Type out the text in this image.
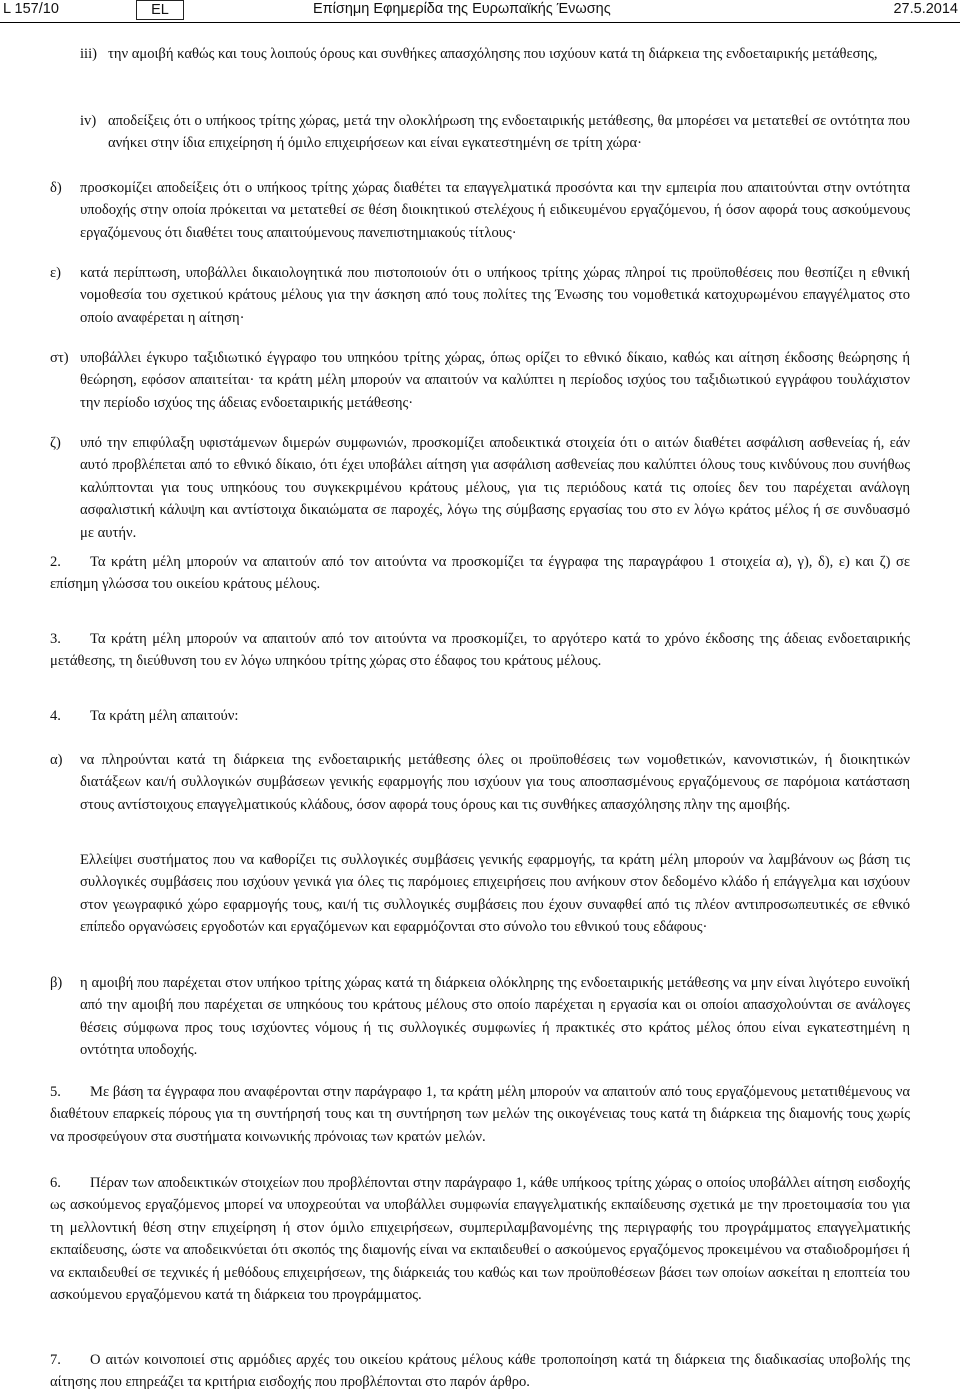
L 157/10	EL	Επίσημη Εφημερίδα της Ευρωπαϊκής Ένωσης	27.5.2014
iii) την αμοιβή καθώς και τους λοιπούς όρους και συνθήκες απασχόλησης που ισχύουν κατά τη διάρκεια της ενδοεταιρικής μετάθεσης,
iv) αποδείξεις ότι ο υπήκοος τρίτης χώρας, μετά την ολοκλήρωση της ενδοεταιρικής μετάθεσης, θα μπορέσει να μετατεθεί σε οντότητα που ανήκει στην ίδια επιχείρηση ή όμιλο επιχειρήσεων και είναι εγκατεστημένη σε τρίτη χώρα·
δ)	προσκομίζει αποδείξεις ότι ο υπήκοος τρίτης χώρας διαθέτει τα επαγγελματικά προσόντα και την εμπειρία που απαιτούνται στην οντότητα υποδοχής στην οποία πρόκειται να μετατεθεί σε θέση διοικητικού στελέχους ή ειδικευμένου εργαζόμενου, ή όσον αφορά τους ασκούμενους εργαζόμενους ότι διαθέτει τους απαιτούμενους πανεπιστημιακούς τίτλους·
ε)	κατά περίπτωση, υποβάλλει δικαιολογητικά που πιστοποιούν ότι ο υπήκοος τρίτης χώρας πληροί τις προϋποθέσεις που θεσπίζει η εθνική νομοθεσία του σχετικού κράτους μέλους για την άσκηση από τους πολίτες της Ένωσης του νομοθετικά κατοχυρωμένου επαγγέλματος στο οποίο αναφέρεται η αίτηση·
στ) υποβάλλει έγκυρο ταξιδιωτικό έγγραφο του υπηκόου τρίτης χώρας, όπως ορίζει το εθνικό δίκαιο, καθώς και αίτηση έκδοσης θεώρησης ή θεώρηση, εφόσον απαιτείται· τα κράτη μέλη μπορούν να απαιτούν να καλύπτει η περίοδος ισχύος του ταξιδιωτικού εγγράφου τουλάχιστον την περίοδο ισχύος της άδειας ενδοεταιρικής μετάθεσης·
ζ)	υπό την επιφύλαξη υφιστάμενων διμερών συμφωνιών, προσκομίζει αποδεικτικά στοιχεία ότι ο αιτών διαθέτει ασφάλιση ασθενείας ή, εάν αυτό προβλέπεται από το εθνικό δίκαιο, ότι έχει υποβάλει αίτηση για ασφάλιση ασθενείας που καλύπτει όλους τους κινδύνους που συνήθως καλύπτονται για τους υπηκόους του συγκεκριμένου κράτους μέλους, για τις περιόδους κατά τις οποίες δεν του παρέχεται ανάλογη ασφαλιστική κάλυψη και αντίστοιχα δικαιώματα σε παροχές, λόγω της σύμβασης εργασίας του στο εν λόγω κράτος μέλος ή σε συνδυασμό με αυτήν.
2. Τα κράτη μέλη μπορούν να απαιτούν από τον αιτούντα να προσκομίζει τα έγγραφα της παραγράφου 1 στοιχεία α), γ), δ), ε) και ζ) σε επίσημη γλώσσα του οικείου κράτους μέλους.
3. Τα κράτη μέλη μπορούν να απαιτούν από τον αιτούντα να προσκομίζει, το αργότερο κατά το χρόνο έκδοσης της άδειας ενδοεταιρικής μετάθεσης, τη διεύθυνση του εν λόγω υπηκόου τρίτης χώρας στο έδαφος του κράτους μέλους.
4. Τα κράτη μέλη απαιτούν:
α)	να πληρούνται κατά τη διάρκεια της ενδοεταιρικής μετάθεσης όλες οι προϋποθέσεις των νομοθετικών, κανονιστικών, ή διοικητικών διατάξεων και/ή συλλογικών συμβάσεων γενικής εφαρμογής που ισχύουν για τους αποσπασμένους εργαζόμενους σε παρόμοια κατάσταση στους αντίστοιχους επαγγελματικούς κλάδους, όσον αφορά τους όρους και τις συνθήκες απασχόλησης πλην της αμοιβής.
Ελλείψει συστήματος που να καθορίζει τις συλλογικές συμβάσεις γενικής εφαρμογής, τα κράτη μέλη μπορούν να λαμβάνουν ως βάση τις συλλογικές συμβάσεις που ισχύουν γενικά για όλες τις παρόμοιες επιχειρήσεις που ανήκουν στον δεδομένο κλάδο ή επάγγελμα και ισχύουν στον γεωγραφικό χώρο εφαρμογής τους, και/ή τις συλλογικές συμβάσεις που έχουν συναφθεί από τις πλέον αντιπροσωπευτικές σε εθνικό επίπεδο οργανώσεις εργοδοτών και εργαζόμενων και εφαρμόζονται στο σύνολο του εθνικού τους εδάφους·
β)	η αμοιβή που παρέχεται στον υπήκοο τρίτης χώρας κατά τη διάρκεια ολόκληρης της ενδοεταιρικής μετάθεσης να μην είναι λιγότερο ευνοϊκή από την αμοιβή που παρέχεται σε υπηκόους του κράτους μέλους στο οποίο παρέχεται η εργασία και οι οποίοι απασχολούνται σε ανάλογες θέσεις σύμφωνα προς τους ισχύοντες νόμους ή τις συλλογικές συμφωνίες ή πρακτικές στο κράτος μέλος όπου είναι εγκατεστημένη η οντότητα υποδοχής.
5. Με βάση τα έγγραφα που αναφέρονται στην παράγραφο 1, τα κράτη μέλη μπορούν να απαιτούν από τους εργαζόμενους μετατιθέμενους να διαθέτουν επαρκείς πόρους για τη συντήρησή τους και τη συντήρηση των μελών της οικογένειας τους κατά τη διάρκεια της διαμονής τους χωρίς να προσφεύγουν στα συστήματα κοινωνικής πρόνοιας των κρατών μελών.
6. Πέραν των αποδεικτικών στοιχείων που προβλέπονται στην παράγραφο 1, κάθε υπήκοος τρίτης χώρας ο οποίος υποβάλλει αίτηση εισδοχής ως ασκούμενος εργαζόμενος μπορεί να υποχρεούται να υποβάλλει συμφωνία επαγγελματικής εκπαίδευσης σχετικά με την προετοιμασία του για τη μελλοντική θέση στην επιχείρηση ή στον όμιλο επιχειρήσεων, συμπεριλαμβανομένης της περιγραφής του προγράμματος επαγγελματικής εκπαίδευσης, ώστε να αποδεικνύεται ότι σκοπός της διαμονής είναι να εκπαιδευθεί ο ασκούμενος εργαζόμενος προκειμένου να σταδιοδρομήσει ή να εκπαιδευθεί σε τεχνικές ή μεθόδους επιχειρήσεων, της διάρκειάς του καθώς και των προϋποθέσεων βάσει των οποίων ασκείται η εποπτεία του ασκούμενου εργαζόμενου κατά τη διάρκεια του προγράμματος.
7. Ο αιτών κοινοποιεί στις αρμόδιες αρχές του οικείου κράτους μέλους κάθε τροποποίηση κατά τη διάρκεια της διαδικασίας υποβολής της αίτησης που επηρεάζει τα κριτήρια εισδοχής που προβλέπονται στο παρόν άρθρο.
